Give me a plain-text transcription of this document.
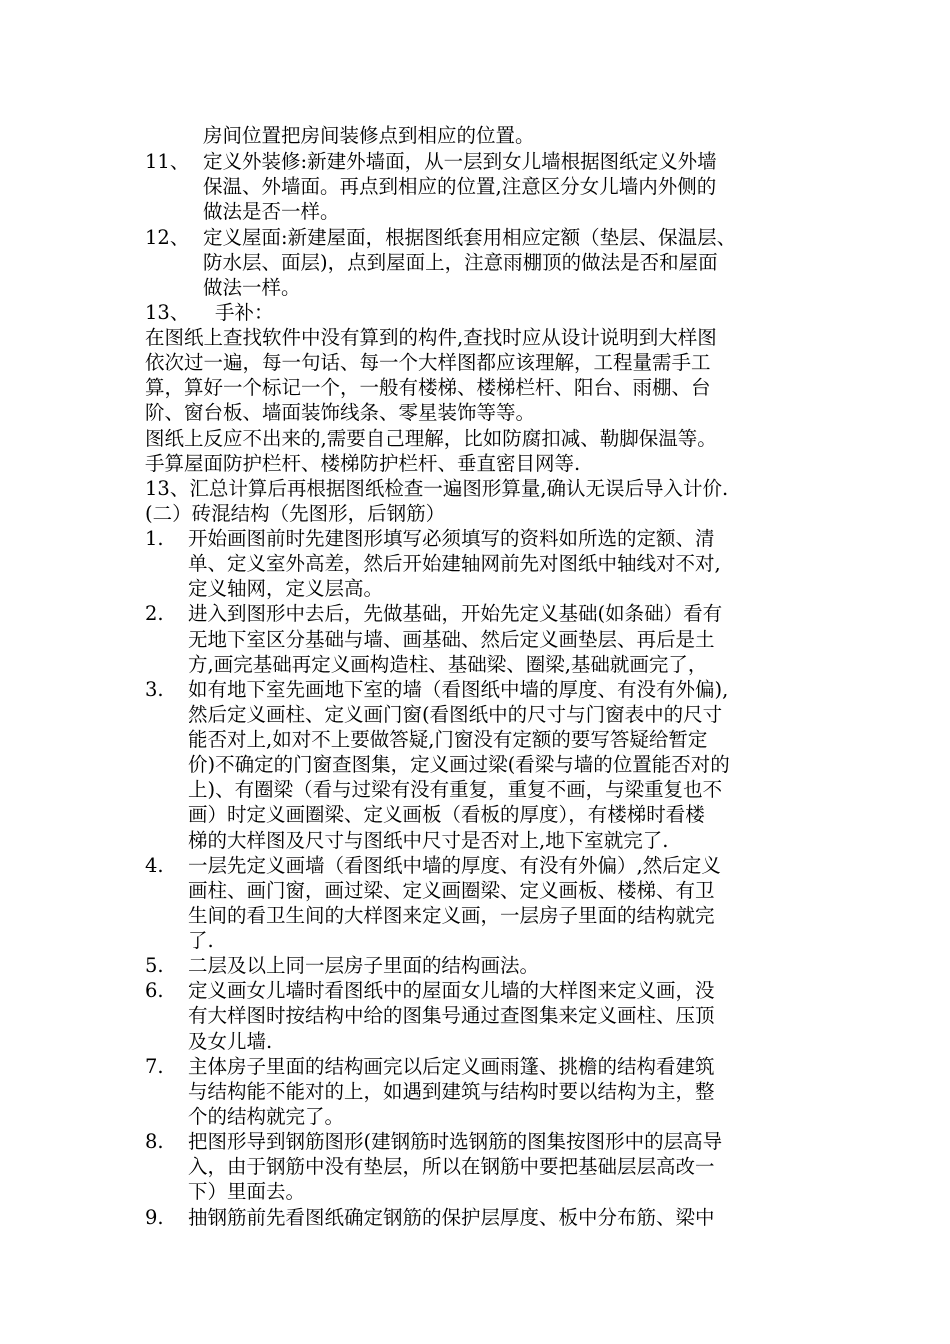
房间位置把房间装修点到相应的位置。
11、 定义外装修:新建外墙面，从一层到女儿墙根据图纸定义外墙
保温、外墙面。再点到相应的位置,注意区分女儿墙内外侧的
做法是否一样。
12、 定义屋面:新建屋面，根据图纸套用相应定额（垫层、保温层、
防水层、面层)，点到屋面上，注意雨棚顶的做法是否和屋面
做法一样。
13、 手补：
在图纸上查找软件中没有算到的构件,查找时应从设计说明到大样图
依次过一遍，每一句话、每一个大样图都应该理解，工程量需手工
算，算好一个标记一个，一般有楼梯、楼梯栏杆、阳台、雨棚、台
阶、窗台板、墙面装饰线条、零星装饰等等。
图纸上反应不出来的,需要自己理解，比如防腐扣减、勒脚保温等。
手算屋面防护栏杆、楼梯防护栏杆、垂直密目网等.
13、汇总计算后再根据图纸检查一遍图形算量,确认无误后导入计价.
(二）砖混结构（先图形，后钢筋）
1. 开始画图前时先建图形填写必须填写的资料如所选的定额、清
单、定义室外高差，然后开始建轴网前先对图纸中轴线对不对,
定义轴网，定义层高。
2. 进入到图形中去后，先做基础，开始先定义基础(如条础）看有
无地下室区分基础与墙、画基础、然后定义画垫层、再后是土
方,画完基础再定义画构造柱、基础梁、圈梁,基础就画完了，
3. 如有地下室先画地下室的墙（看图纸中墙的厚度、有没有外偏),
然后定义画柱、定义画门窗(看图纸中的尺寸与门窗表中的尺寸
能否对上,如对不上要做答疑,门窗没有定额的要写答疑给暂定
价)不确定的门窗查图集，定义画过梁(看梁与墙的位置能否对的
上)、有圈梁（看与过梁有没有重复，重复不画，与梁重复也不
画）时定义画圈梁、定义画板（看板的厚度），有楼梯时看楼
梯的大样图及尺寸与图纸中尺寸是否对上,地下室就完了.
4. 一层先定义画墙（看图纸中墙的厚度、有没有外偏）,然后定义
画柱、画门窗，画过梁、定义画圈梁、定义画板、楼梯、有卫
生间的看卫生间的大样图来定义画，一层房子里面的结构就完
了.
5. 二层及以上同一层房子里面的结构画法。
6. 定义画女儿墙时看图纸中的屋面女儿墙的大样图来定义画，没
有大样图时按结构中给的图集号通过查图集来定义画柱、压顶
及女儿墙.
7. 主体房子里面的结构画完以后定义画雨篷、挑檐的结构看建筑
与结构能不能对的上，如遇到建筑与结构时要以结构为主，整
个的结构就完了。
8. 把图形导到钢筋图形(建钢筋时选钢筋的图集按图形中的层高导
入，由于钢筋中没有垫层，所以在钢筋中要把基础层层高改一
下）里面去。
9. 抽钢筋前先看图纸确定钢筋的保护层厚度、板中分布筋、梁中
